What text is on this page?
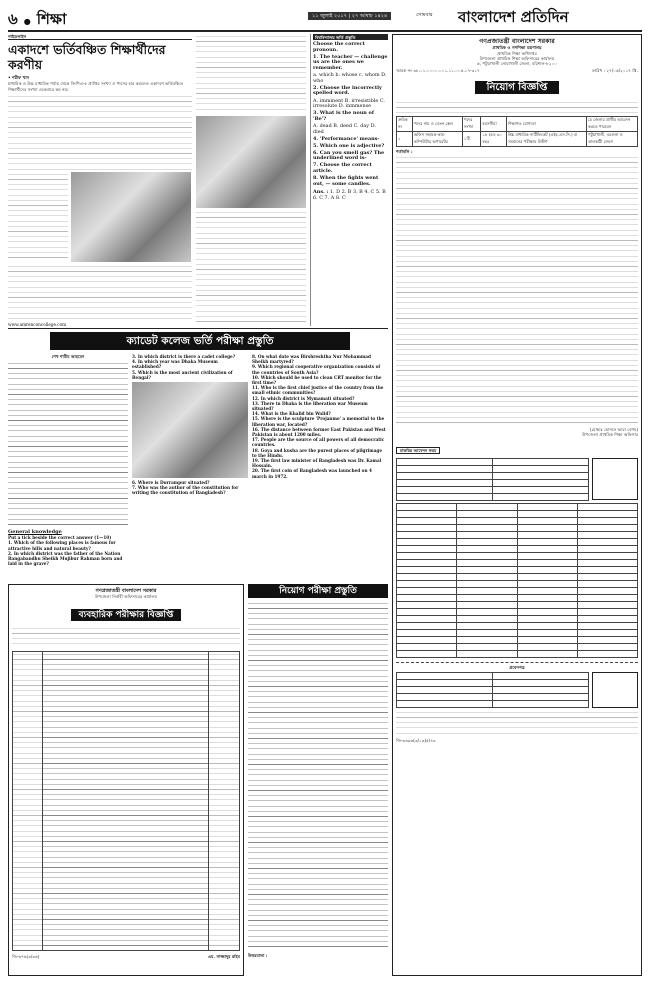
৬ ● শিক্ষা	১১ জুলাই ২০১৭ | ২৭ আষাঢ় ১৪২৪	সোমবার বাংলাদেশ প্রতিদিন
গাইডলাইন
একাদশে ভর্তিবঞ্চিত শিক্ষার্থীদের করণীয়
• শরীফ খান
মাধ্যমিক ও উচ্চ মাধ্যমিক পর্যায় থেকে জিপিএ-৫ প্রাপ্তির সংখ্যা ও পাসের হার কমলেও একাদশে ভর্তিবঞ্চিত শিক্ষার্থীদের সংখ্যা একেবারে কম নয়।
www.amrenconcollege.com
বিশ্ববিদ্যালয় ভর্তি প্রস্তুতি

Choose the correct pronoun.

1. The teacher — challenge us are the ones we remember.

a. which b. whose c. whom D. who

2. Choose the incorrectly spelled word.

A. imminent B. irresistible C. irresolute D. inmmense

3. What is the noun of 'Be'?

A. dead B. deed C. day D. died

4. 'Performance' means-

5. Which one is adjective?

6. Can you smell gas? The underlined word is-

7. Choose the correct article.

8. When the fights went out, — some candles.

Ans. : 1. D 2. B 3. B 4. C 5. B 6. C 7. A 8. C

ক্যাডেট কলেজ ভর্তি পরীক্ষা প্রস্তুতি
শেখ শামীম আহমেদ
General knowledge
Put a tick beside the correct answer (1—10)
1. Which of the following places is famous for attractive hills and natural beauty?
2. In which district was the father of the Nation Bangabandhu Sheikh Mujibur Rahman born and laid in the grave?
3. In which district is there a cadet college?
4. In which year was Dhaka Museum established?
5. Which is the most ancient civilization of Bengal?
6. Where is Durrampur situated?
7. Who was the author of the constitution for writing the constitution of Bangladesh?
8. On what date was Birshreshtha Nur Mohammad Sheikh martyred?
9. Which regional cooperative organization consists of the countries of South Asia?
10. Which should be used to clean CRT monitor for the first time?
11. Who is the first chief justice of the country from the small ethnic communities?
12. In which district is Mymamati situated?
13. There in Dhaka is the liberation war Museum situated?
14. What is the Khalid bin Walid?
15. Where is the sculpture 'Projanmo' a memorial to the liberation war, located?
16. The distance between former East Pakistan and West Pakistan is about 1200 miles.
17. People are the source of all powers of all democratic countries.
18. Goya and kusha are the purest places of pilgrimage to the Hindu.
19. The first law minister of Bangladesh was Dr. Kamal Hossain.
20. The first coin of Bangladesh was launched on 4 march in 1972.
গণপ্রজাতন্ত্রী বাংলাদেশ সরকার
উপজেলা নির্বাহী অফিসারের কার্যালয়
ব্যবহারিক পরীক্ষার বিজ্ঞপ্তি
জি-৬৭৬(৩/৩৬)	এম. সাজ্জাদুর রহিম
নিয়োগ পরীক্ষা প্রস্তুতি
উত্তরমালা :
গণপ্রজাতন্ত্রী বাংলাদেশ সরকার
প্রাথমিক ও গণশিক্ষা মন্ত্রণালয়
প্রাথমিক শিক্ষা অধিদপ্তর
উপজেলা প্রাথমিক শিক্ষা অফিসারের কার্যালয়
৬, পটুয়াখালী নোয়াখালী জেলা, বরিশাল-৮২০০
স্মারক নং ৩৮.০১.০০০০.০০১.১১.০০৫.১৭-৩১৭	তারিখ : ২৭/০৬/২০১৭ খ্রি.
নিয়োগ বিজ্ঞপ্তি
ক্রমিক নং	পদের নাম ও বেতন স্কেল	পদের সংখ্যা	বয়সসীমা	শিক্ষাগত যোগ্যতা	যে জেলার প্রার্থীর আবেদন করতে পারবেন
১	অফিস সহায়ক-কাম-কম্পিউটার অপারেটর	১টি	১৮ হতে ৩০ বছর	উচ্চ মাধ্যমিক সার্টিফিকেট (এইচ.এস.সি.) বা সমমানের পরীক্ষায় উত্তীর্ণ	পটুয়াখালী, বরগুনা ও ঝালকাঠী জেলা
শর্তাবলি :
(মোছাঃ হোসনে আরা বেগম)
উপজেলা প্রাথমিক শিক্ষা অফিসার
চাকরির আবেদন ফরম

প্রবেশপত্র

জি-৩৩৯৬(৩/১৩)৫/৪৩
